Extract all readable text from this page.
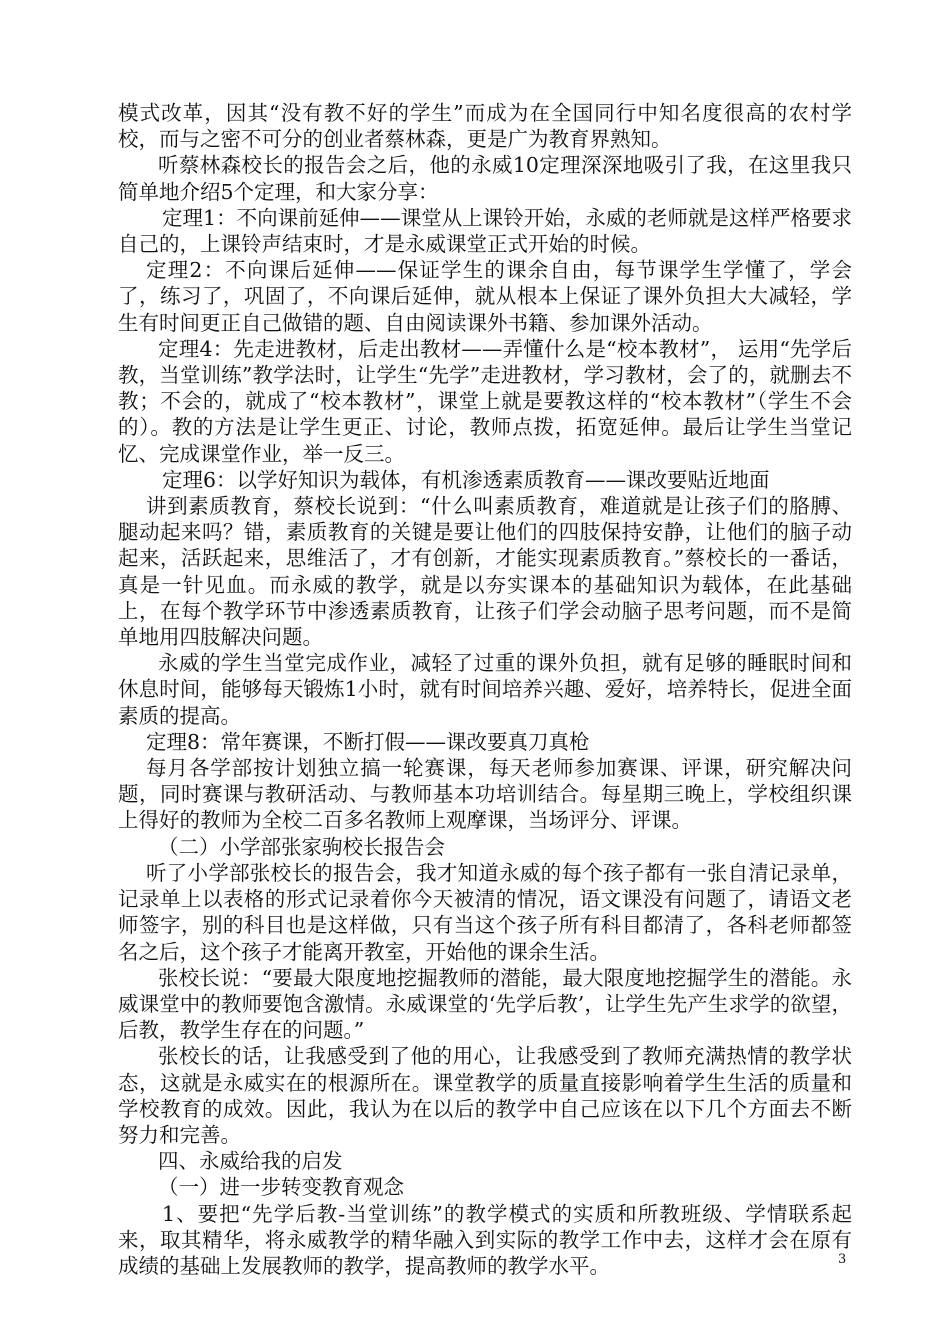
模式改革，因其“没有教不好的学生”而成为在全国同行中知名度很高的农村学校，而与之密不可分的创业者蔡林森，更是广为教育界熟知。

听蔡林森校长的报告会之后，他的永威10定理深深地吸引了我，在这里我只简单地介绍5个定理，和大家分享：

定理1：不向课前延伸——课堂从上课铃开始，永威的老师就是这样严格要求自己的，上课铃声结束时，才是永威课堂正式开始的时候。

定理2：不向课后延伸——保证学生的课余自由，每节课学生学懂了，学会了，练习了，巩固了，不向课后延伸，就从根本上保证了课外负担大大减轻，学生有时间更正自己做错的题、自由阅读课外书籍、参加课外活动。

定理4：先走进教材，后走出教材——弄懂什么是“校本教材”， 运用“先学后教，当堂训练”教学法时，让学生“先学”走进教材，学习教材，会了的，就删去不教；不会的，就成了“校本教材”，课堂上就是要教这样的“校本教材”（学生不会的）。教的方法是让学生更正、讨论，教师点拨，拓宽延伸。最后让学生当堂记忆、完成课堂作业，举一反三。

定理6：以学好知识为载体，有机渗透素质教育——课改要贴近地面

讲到素质教育，蔡校长说到：“什么叫素质教育，难道就是让孩子们的胳膊、腿动起来吗？错，素质教育的关键是要让他们的四肢保持安静，让他们的脑子动起来，活跃起来，思维活了，才有创新，才能实现素质教育。”蔡校长的一番话，真是一针见血。而永威的教学，就是以夯实课本的基础知识为载体，在此基础上，在每个教学环节中渗透素质教育，让孩子们学会动脑子思考问题，而不是简单地用四肢解决问题。

永威的学生当堂完成作业，减轻了过重的课外负担，就有足够的睡眠时间和休息时间，能够每天锻炼1小时，就有时间培养兴趣、爱好，培养特长，促进全面素质的提高。

定理8：常年赛课，不断打假——课改要真刀真枪

每月各学部按计划独立搞一轮赛课，每天老师参加赛课、评课，研究解决问题，同时赛课与教研活动、与教师基本功培训结合。每星期三晚上，学校组织课上得好的教师为全校二百多名教师上观摩课，当场评分、评课。

（二）小学部张家驹校长报告会

听了小学部张校长的报告会，我才知道永威的每个孩子都有一张自清记录单，记录单上以表格的形式记录着你今天被清的情况，语文课没有问题了，请语文老师签字，别的科目也是这样做，只有当这个孩子所有科目都清了，各科老师都签名之后，这个孩子才能离开教室，开始他的课余生活。

张校长说：“要最大限度地挖掘教师的潜能，最大限度地挖掘学生的潜能。永威课堂中的教师要饱含激情。永威课堂的‘先学后教’，让学生先产生求学的欲望，后教，教学生存在的问题。”

张校长的话，让我感受到了他的用心，让我感受到了教师充满热情的教学状态，这就是永威实在的根源所在。课堂教学的质量直接影响着学生生活的质量和学校教育的成效。因此，我认为在以后的教学中自己应该在以下几个方面去不断努力和完善。

四、永威给我的启发

（一）进一步转变教育观念

1、要把“先学后教-当堂训练”的教学模式的实质和所教班级、学情联系起来，取其精华，将永威教学的精华融入到实际的教学工作中去，这样才会在原有成绩的基础上发展教师的教学，提高教师的教学水平。	3
